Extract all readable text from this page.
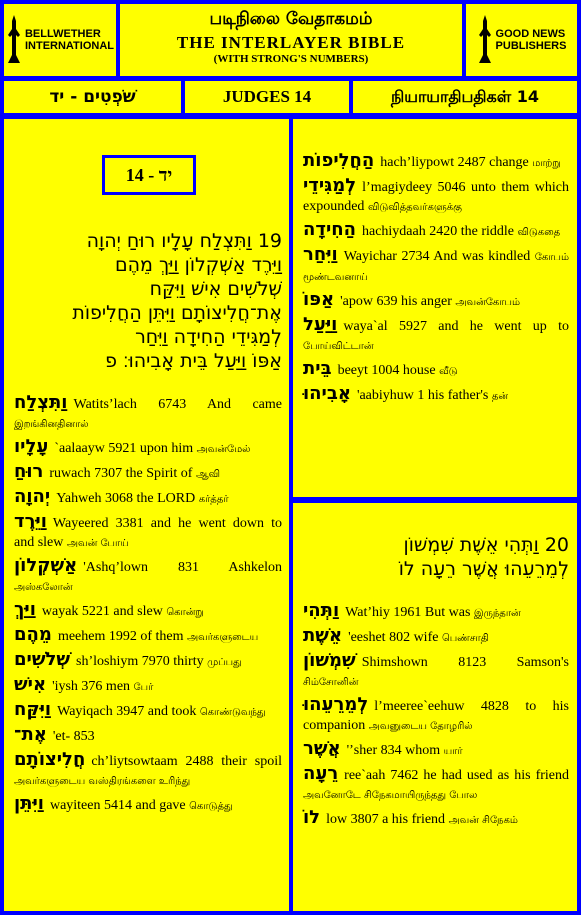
BELLWETHER
INTERNATIONAL
படிநிலை வேதாகமம்
THE INTERLAYER BIBLE
(WITH STRONG'S NUMBERS)
GOOD NEWS
PUBLISHERS
שֹׁפְטִים - יד	JUDGES 14	நியாயாதிபதிகள் 14
14 - יד
19 וַתִּצְלַח עָלָיו רוּחַ יְהוָה
וַיֵּרֶד אַשְׁקְלוֹן וַיַּךְ מֵהֶם
שְׁלֹשִׁים אִישׁ וַיִּקַּח
אֶת־חֲלִיצוֹתָם וַיִּתֵּן הַחֲלִיפוֹת
לְמַגִּידֵי הַחִידָה וַיִּחַר
אַפּוֹ וַיַּעַל בֵּית אָבִיהוּ׃ פ
וַתִּצְלַח Watitsʼlach 6743 And came இறங்கினதினால்
עָלָיו `aalaayw 5921 upon him அவன்மேல்
רוּחַ ruwach 7307 the Spirit of ஆவி
יְהוָה Yahweh 3068 the LORD கர்த்தர்
וַיֵּרֶד Wayeered 3381 and he went down to and slew அவன் போய்
אַשְׁקְלוֹן 'Ashqʼlown 831 Ashkelon அஸ்கலோன்
וַיַּךְ wayak 5221 and slew கொன்று
מֵהֶם meehem 1992 of them அவர்களுடைய
שְׁלֹשִׁים shʼloshiym 7970 thirty முப்பது
אִישׁ 'iysh 376 men பேர்
וַיִּקַּח Wayiqach 3947 and took கொண்டுவந்து
אֶת־ 'et- 853
חֲלִיצוֹתָם chʼliytsowtaam 2488 their spoil அவர்களுடைய வஸ்திரங்களை உரிந்து
וַיִּתֵּן wayiteen 5414 and gave கொடுத்து
הַחֲלִיפוֹת hachʼliypowt 2487 change மாற்று
לְמַגִּידֵי lʼmagiydeey 5046 unto them which expounded விடுவித்தவர்களுக்கு
הַחִידָה hachiydaah 2420 the riddle விடுகதை
וַיִּחַר Wayichar 2734 And was kindled கோபம் மூண்டவனாய்
אַפּוֹ 'apow 639 his anger அவன்கோபம்
וַיַּעַל waya`al 5927 and he went up to போய்விட்டான்
בֵּית beeyt 1004 house வீடு
אָבִיהוּ 'aabiyhuw 1 his father's தன்
20 וַתְּהִי אֵשֶׁת שִׁמְשׁוֹן
לְמֵרֵעֵהוּ אֲשֶׁר רֵעָה לוֹ
וַתְּהִי Watʼhiy 1961 But was இருந்தான்
אֵשֶׁת 'eeshet 802 wife பெண்சாதி
שִׁמְשׁוֹן Shimshown 8123 Samson's சிம்சோனின்
לְמֵרֵעֵהוּ lʼmeeree`eehuw 4828 to his companion அவனுடைய தோழரில்
אֲשֶׁר 'ʼsher 834 whom யார்
רֵעָה ree`aah 7462 he had used as his friend அவனோடே சிநேகமாயிருந்தது போல
לוֹ low 3807 a his friend அவன் சிநேகம்
